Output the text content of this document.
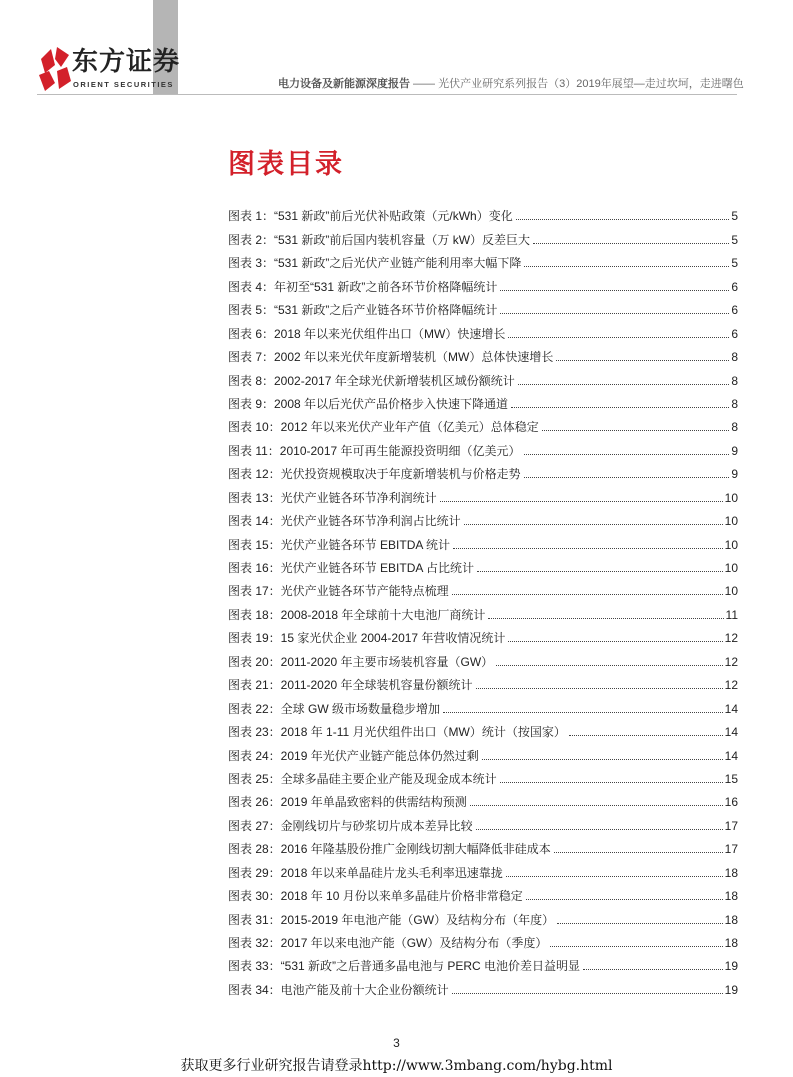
东方证券
ORIENT SECURITIES	电力设备及新能源深度报告 —— 光伏产业研究系列报告（3）2019年展望—走过坎坷，走进曙色
图表目录
图表 1：“531 新政”前后光伏补贴政策（元/kWh）变化	5
图表 2：“531 新政”前后国内装机容量（万 kW）反差巨大	5
图表 3：“531 新政”之后光伏产业链产能利用率大幅下降	5
图表 4：年初至“531 新政”之前各环节价格降幅统计	6
图表 5：“531 新政”之后产业链各环节价格降幅统计	6
图表 6：2018 年以来光伏组件出口（MW）快速增长	6
图表 7：2002 年以来光伏年度新增装机（MW）总体快速增长	8
图表 8：2002-2017 年全球光伏新增装机区域份额统计	8
图表 9：2008 年以后光伏产品价格步入快速下降通道	8
图表 10：2012 年以来光伏产业年产值（亿美元）总体稳定	8
图表 11：2010-2017 年可再生能源投资明细（亿美元）	9
图表 12：光伏投资规模取决于年度新增装机与价格走势	9
图表 13：光伏产业链各环节净利润统计	10
图表 14：光伏产业链各环节净利润占比统计	10
图表 15：光伏产业链各环节 EBITDA 统计	10
图表 16：光伏产业链各环节 EBITDA 占比统计	10
图表 17：光伏产业链各环节产能特点梳理	10
图表 18：2008-2018 年全球前十大电池厂商统计	11
图表 19：15 家光伏企业 2004-2017 年营收情况统计	12
图表 20：2011-2020 年主要市场装机容量（GW）	12
图表 21：2011-2020 年全球装机容量份额统计	12
图表 22：全球 GW 级市场数量稳步增加	14
图表 23：2018 年 1-11 月光伏组件出口（MW）统计（按国家）	14
图表 24：2019 年光伏产业链产能总体仍然过剩	14
图表 25：全球多晶硅主要企业产能及现金成本统计	15
图表 26：2019 年单晶致密料的供需结构预测	16
图表 27：金刚线切片与砂浆切片成本差异比较	17
图表 28：2016 年隆基股份推广金刚线切割大幅降低非硅成本	17
图表 29：2018 年以来单晶硅片龙头毛利率迅速靠拢	18
图表 30：2018 年 10 月份以来单多晶硅片价格非常稳定	18
图表 31：2015-2019 年电池产能（GW）及结构分布（年度）	18
图表 32：2017 年以来电池产能（GW）及结构分布（季度）	18
图表 33：“531 新政”之后普通多晶电池与 PERC 电池价差日益明显	19
图表 34：电池产能及前十大企业份额统计	19
3
获取更多行业研究报告请登录http://www.3mbang.com/hybg.html
